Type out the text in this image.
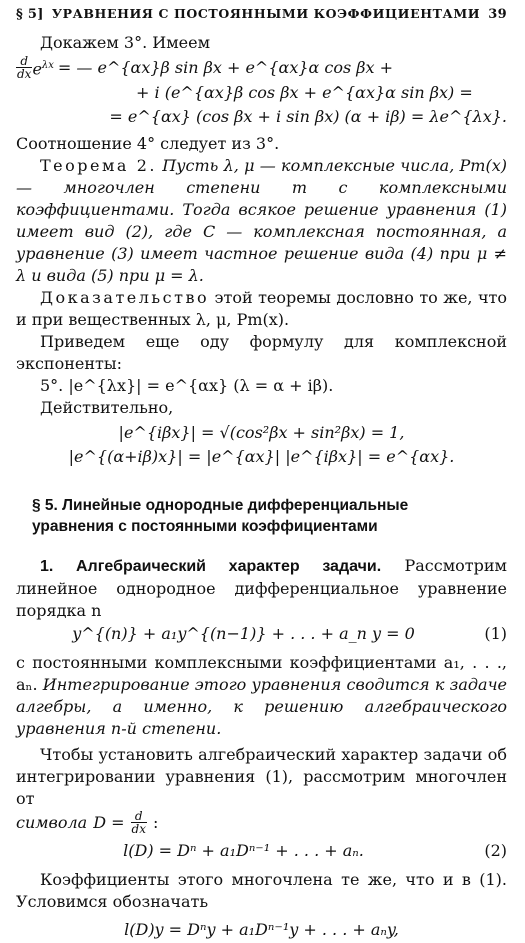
§ 5] УРАВНЕНИЯ С ПОСТОЯННЫМИ КОЭФФИЦИЕНТАМИ 39

Докажем 3°. Имеем

$\frac{d}{dx} e^{\lambda x}$ = — e^{αx}β sin βx + e^{αx}α cos βx +
+ i (e^{αx}β cos βx + e^{αx}α sin βx) =
= e^{αx} (cos βx + i sin βx) (α + iβ) = λe^{λx}.

Соотношение 4° следует из 3°.

Теорема 2. Пусть λ, μ — комплексные числа, Pm(x) — многочлен степени m с комплексными коэффициентами. Тогда всякое решение уравнения (1) имеет вид (2), где C — комплексная постоянная, а уравнение (3) имеет частное решение вида (4) при μ ≠ λ и вида (5) при μ = λ.

Доказательство этой теоремы дословно то же, что и при вещественных λ, μ, Pm(x).

Приведем еще оду формулу для комплексной экспоненты:

5°. |e^{λx}| = e^{αx} (λ = α + iβ).

Действительно,

|e^{iβx}| = √(cos²βx + sin²βx) = 1,
|e^{(α+iβ)x}| = |e^{αx}| |e^{iβx}| = e^{αx}.
§ 5. Линейные однородные дифференциальные
уравнения с постоянными коэффициентами

1. Алгебраический характер задачи. Рассмотрим линейное однородное дифференциальное уравнение порядка n

y^{(n)} + a₁y^{(n−1)} + . . . + a_n y = 0	(1)

с постоянными комплексными коэффициентами a₁, . . ., aₙ. Интегрирование этого уравнения сводится к задаче алгебры, а именно, к решению алгебраического уравнения n-й степени.

Чтобы установить алгебраический характер задачи об интегрировании уравнения (1), рассмотрим многочлен от

символа $D = \frac{d}{dx}$ :

l(D) = Dⁿ + a₁Dⁿ⁻¹ + . . . + aₙ.	(2)

Коэффициенты этого многочлена те же, что и в (1). Условимся обозначать

l(D)y = Dⁿy + a₁Dⁿ⁻¹y + . . . + aₙy,
